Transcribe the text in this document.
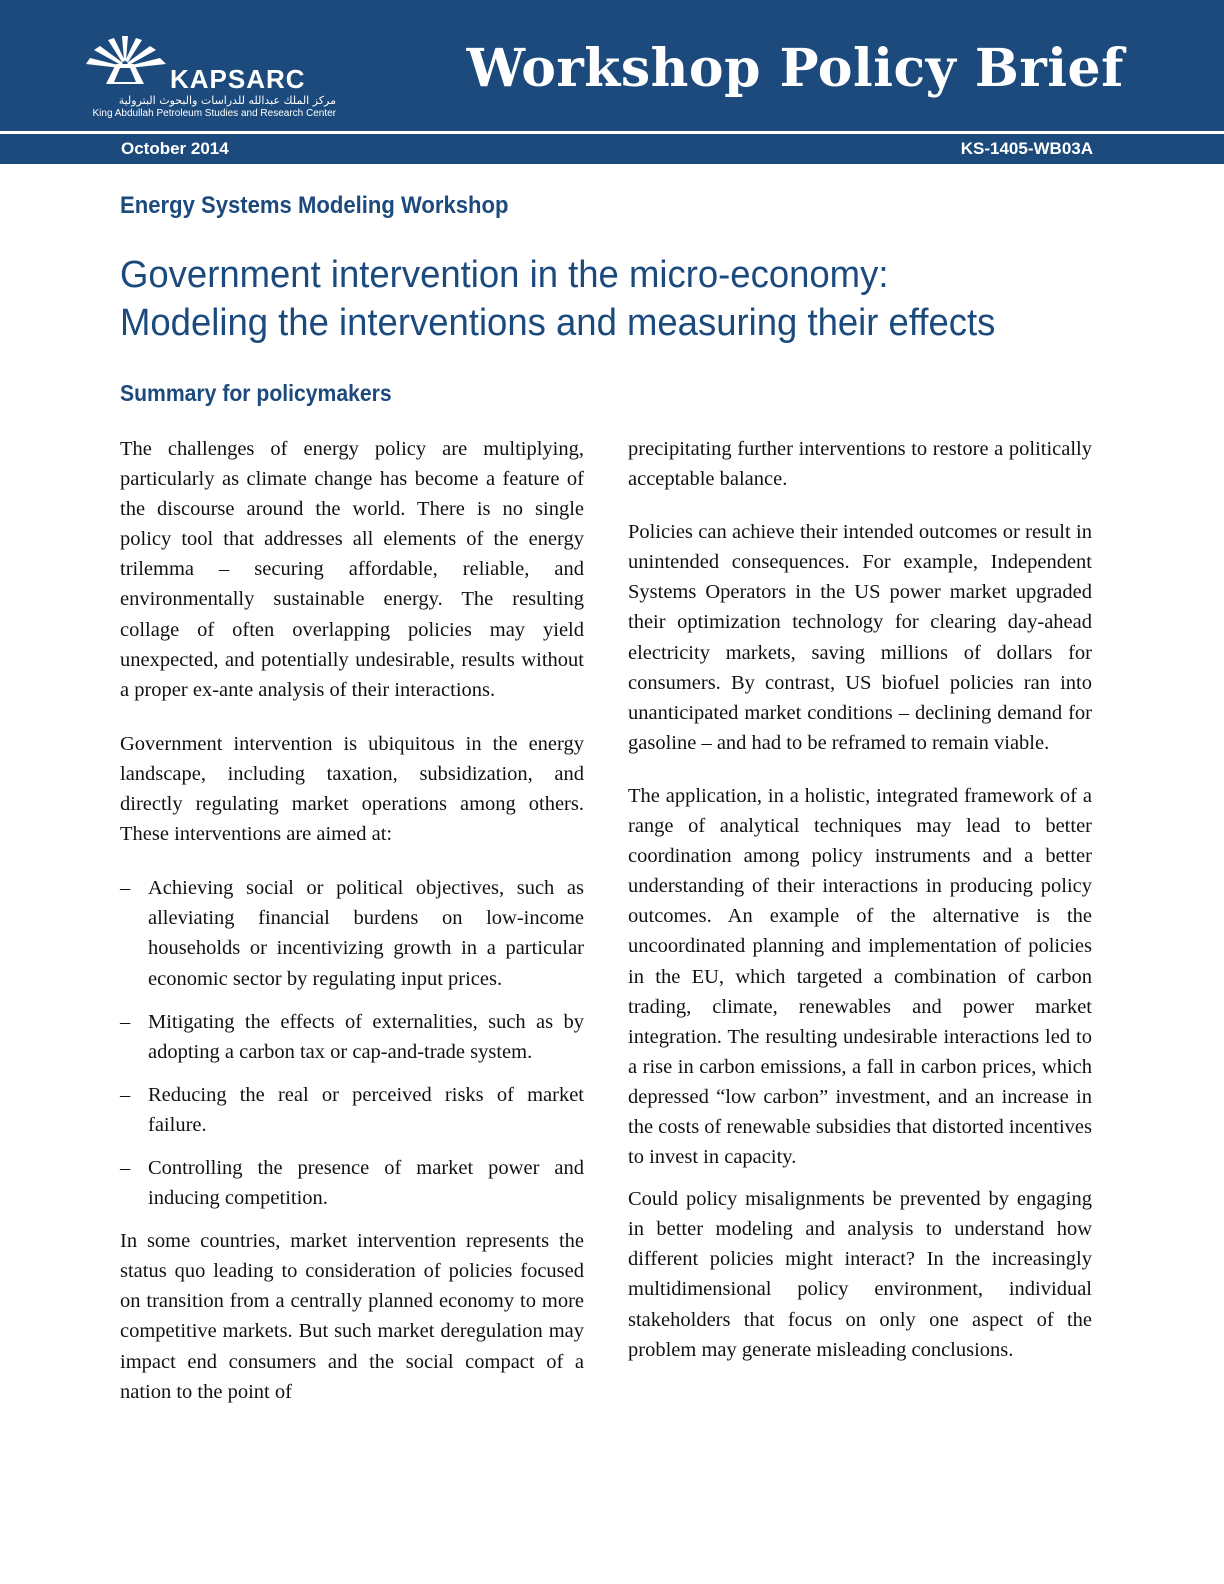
KAPSARC
مركز الملك عبدالله للدراسات والبحوث البترولية
King Abdullah Petroleum Studies and Research Center
Workshop Policy Brief
October 2014	KS-1405-WB03A
Energy Systems Modeling Workshop
Government intervention in the micro-economy:
Modeling the interventions and measuring their effects
Summary for policymakers

The challenges of energy policy are multiplying, particularly as climate change has become a feature of the discourse around the world. There is no single policy tool that addresses all elements of the energy trilemma – securing affordable, reliable, and environmentally sustainable energy. The resulting collage of often overlapping policies may yield unexpected, and potentially undesirable, results without a proper ex-ante analysis of their interactions.

Government intervention is ubiquitous in the energy landscape, including taxation, subsidization, and directly regulating market operations among others. These interventions are aimed at:

– Achieving social or political objectives, such as alleviating financial burdens on low-income households or incentivizing growth in a particular economic sector by regulating input prices.
– Mitigating the effects of externalities, such as by adopting a carbon tax or cap-and-trade system.
– Reducing the real or perceived risks of market failure.
– Controlling the presence of market power and inducing competition.

In some countries, market intervention represents the status quo leading to consideration of policies focused on transition from a centrally planned economy to more competitive markets. But such market deregulation may impact end consumers and the social compact of a nation to the point of

precipitating further interventions to restore a politically acceptable balance.

Policies can achieve their intended outcomes or result in unintended consequences. For example, Independent Systems Operators in the US power market upgraded their optimization technology for clearing day-ahead electricity markets, saving millions of dollars for consumers. By contrast, US biofuel policies ran into unanticipated market conditions – declining demand for gasoline – and had to be reframed to remain viable.

The application, in a holistic, integrated framework of a range of analytical techniques may lead to better coordination among policy instruments and a better understanding of their interactions in producing policy outcomes. An example of the alternative is the uncoordinated planning and implementation of policies in the EU, which targeted a combination of carbon trading, climate, renewables and power market integration. The resulting undesirable interactions led to a rise in carbon emissions, a fall in carbon prices, which depressed “low carbon” investment, and an increase in the costs of renewable subsidies that distorted incentives to invest in capacity.

Could policy misalignments be prevented by engaging in better modeling and analysis to understand how different policies might interact? In the increasingly multidimensional policy environment, individual stakeholders that focus on only one aspect of the problem may generate misleading conclusions.
